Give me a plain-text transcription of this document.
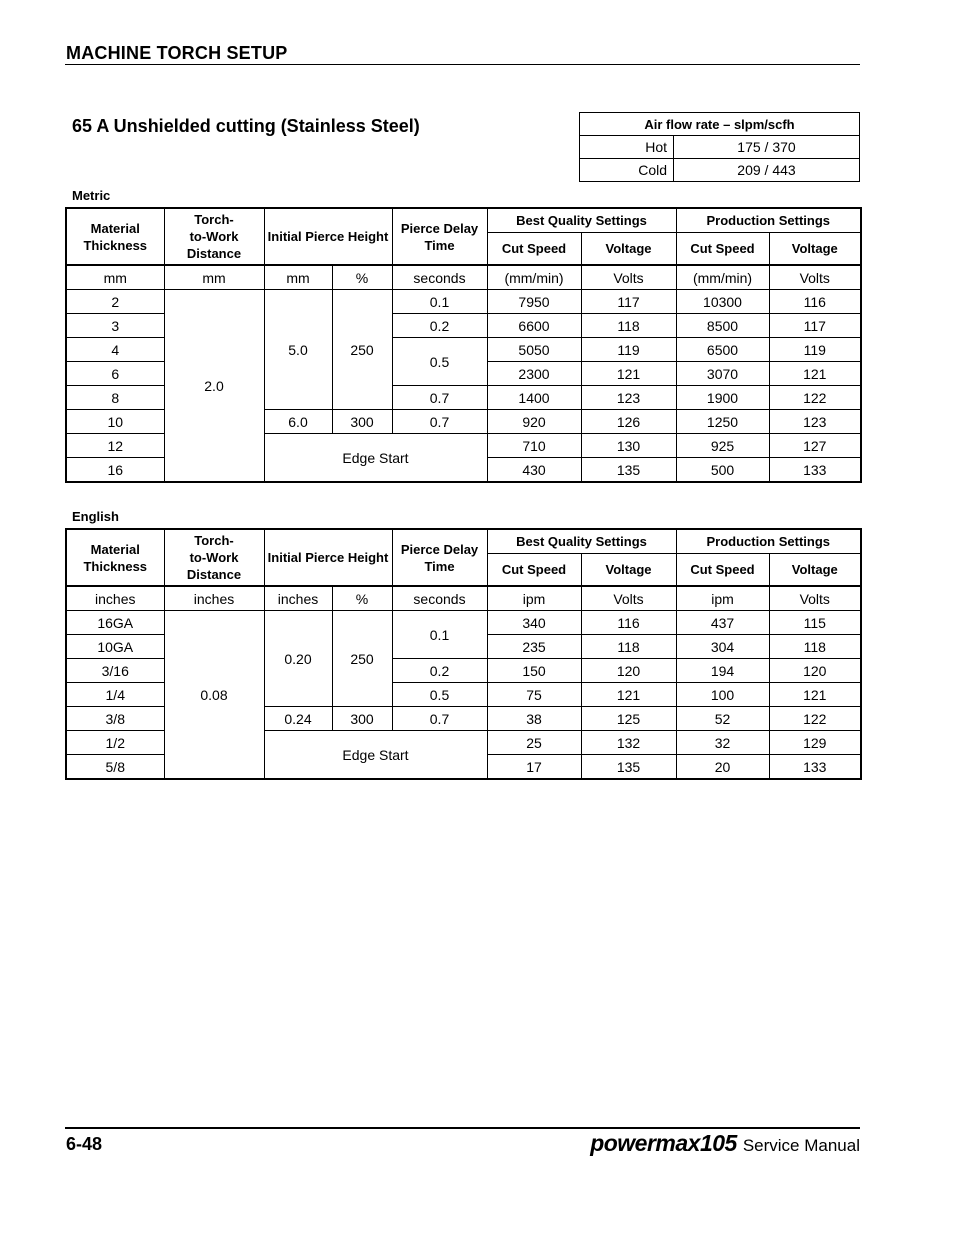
MACHINE TORCH SETUP
65 A Unshielded cutting (Stainless Steel)	Air flow rate – slpm/scfh	
Hot	175 / 370
Cold	209 / 443
Metric
Material Thickness	Torch-
to-Work
Distance	Initial Pierce Height		Pierce Delay Time	Best Quality Settings		Production Settings	
					Cut Speed	Voltage	Cut Speed	Voltage
mm	mm	mm	%	seconds	(mm/min)	Volts	(mm/min)	Volts
2	2.0	5.0	250	0.1	7950	117	10300	116
3				0.2	6600	118	8500	117
4				0.5	5050	119	6500	119
6					2300	121	3070	121
8				0.7	1400	123	1900	122
10		6.0	300	0.7	920	126	1250	123
12		Edge Start			710	130	925	127
16					430	135	500	133
English
Material Thickness	Torch-
to-Work
Distance	Initial Pierce Height		Pierce Delay Time	Best Quality Settings		Production Settings	
					Cut Speed	Voltage	Cut Speed	Voltage
inches	inches	inches	%	seconds	ipm	Volts	ipm	Volts
16GA	0.08	0.20	250	0.1	340	116	437	115
10GA					235	118	304	118
3/16				0.2	150	120	194	120
1/4				0.5	75	121	100	121
3/8		0.24	300	0.7	38	125	52	122
1/2		Edge Start			25	132	32	129
5/8					17	135	20	133
6-48	powermax105 Service Manual
